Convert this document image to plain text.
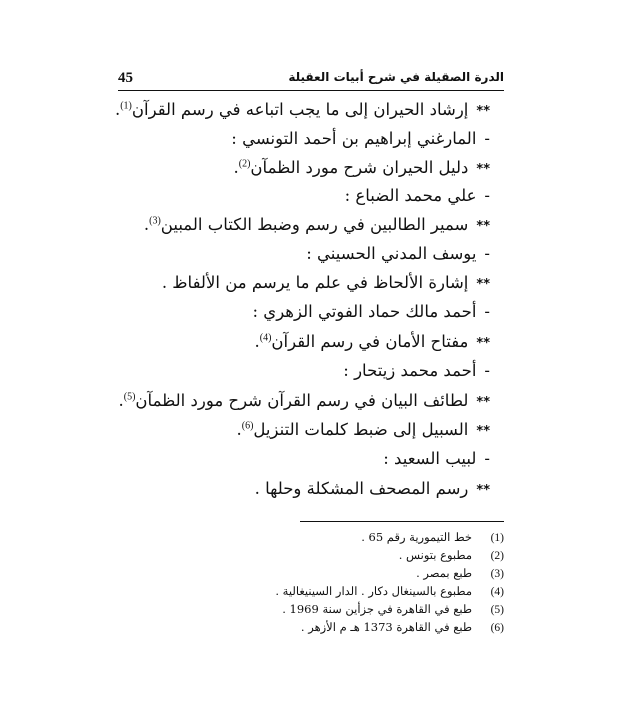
45	الدرة الصقيلة في شرح أبيات العقيلة
**إرشاد الحيران إلى ما يجب اتباعه في رسم القرآن$^{(1)}$.
-المارغني إبراهيم بن أحمد التونسي :
**دليل الحيران شرح مورد الظمآن$^{(2)}$.
-علي محمد الضباع :
**سمير الطالبين في رسم وضبط الكتاب المبين$^{(3)}$.
-يوسف المدني الحسيني :
**إشارة الألحاظ في علم ما يرسم من الألفاظ .
-أحمد مالك حماد الفوتي الزهري :
**مفتاح الأمان في رسم القرآن$^{(4)}$.
-أحمد محمد زيتحار :
**لطائف البيان في رسم القرآن شرح مورد الظمآن$^{(5)}$.
**السبيل إلى ضبط كلمات التنزيل$^{(6)}$.
-لبيب السعيد :
**رسم المصحف المشكلة وحلها .
(1)خط التيمورية رقم 65 .
(2)مطبوع بتونس .
(3)طبع بمصر .
(4)مطبوع بالسينغال دكار . الدار السينيغالية .
(5)طبع في القاهرة في جزأين سنة 1969 .
(6)طبع في القاهرة 1373 هـ م الأزهر .
